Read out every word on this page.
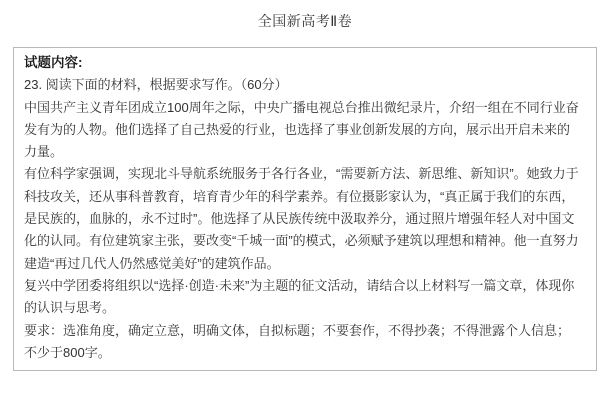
全国新高考Ⅱ卷

试题内容:

23. 阅读下面的材料，根据要求写作。（60分）

中国共产主义青年团成立100周年之际，中央广播电视总台推出微纪录片，介绍一组在不同行业奋发有为的人物。他们选择了自己热爱的行业，也选择了事业创新发展的方向，展示出开启未来的力量。

有位科学家强调，实现北斗导航系统服务于各行各业，“需要新方法、新思维、新知识”。她致力于科技攻关，还从事科普教育，培育青少年的科学素养。有位摄影家认为，“真正属于我们的东西，是民族的，血脉的，永不过时”。他选择了从民族传统中汲取养分，通过照片增强年轻人对中国文化的认同。有位建筑家主张，要改变“千城一面”的模式，必须赋予建筑以理想和精神。他一直努力建造“再过几代人仍然感觉美好”的建筑作品。

复兴中学团委将组织以“选择·创造·未来”为主题的征文活动，请结合以上材料写一篇文章，体现你的认识与思考。

要求：选准角度，确定立意，明确文体，自拟标题；不要套作，不得抄袭；不得泄露个人信息；不少于800字。
